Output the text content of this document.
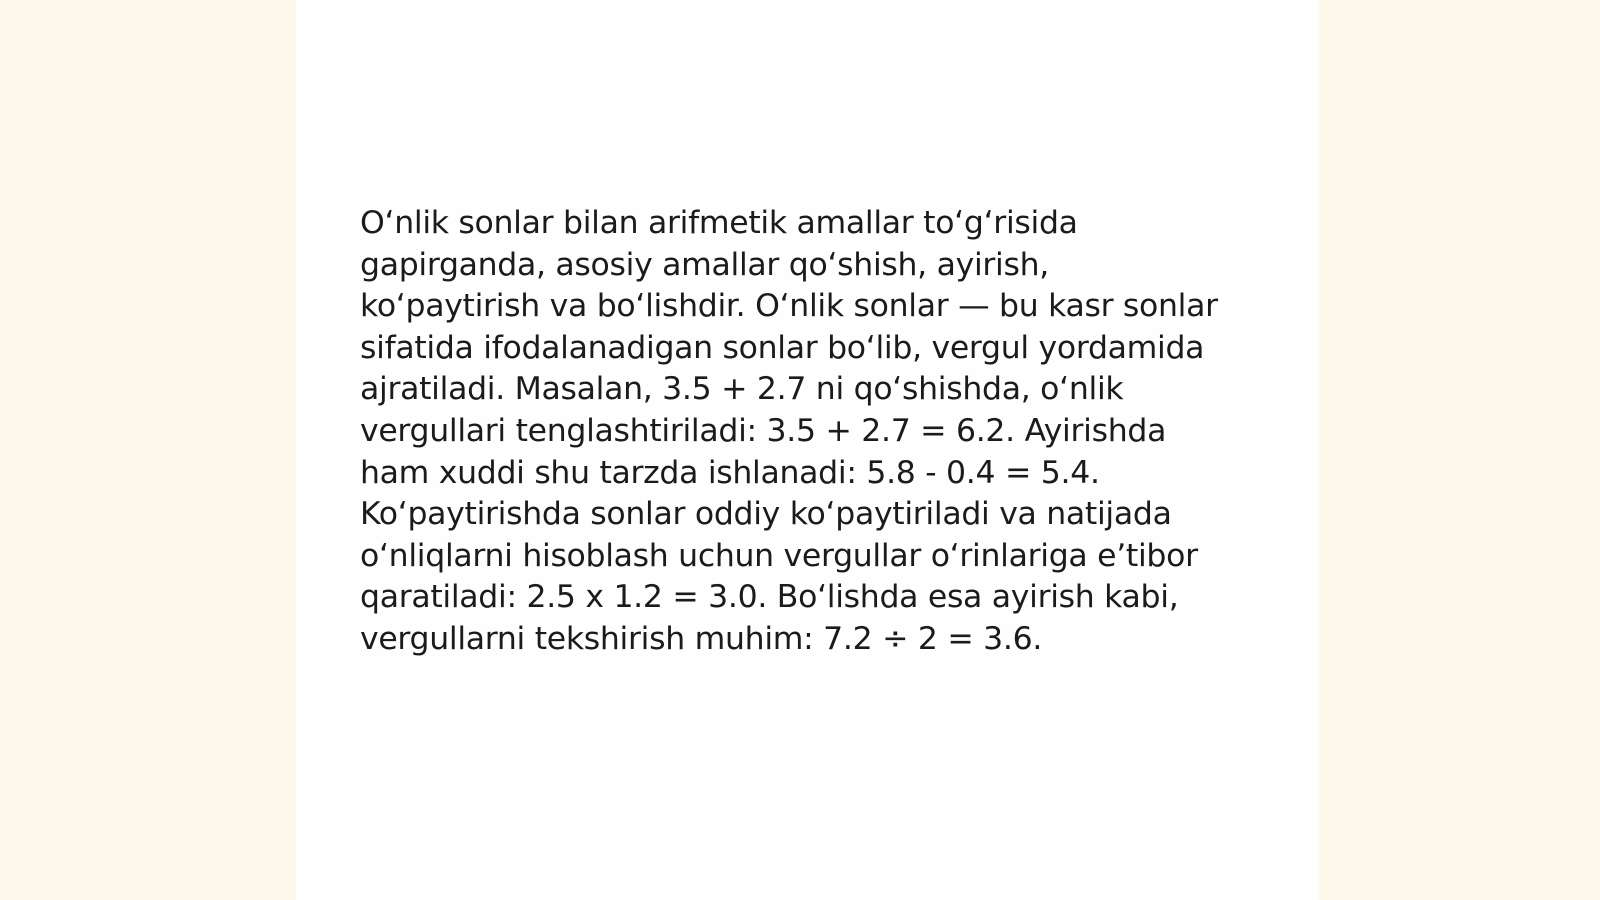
O‘nlik sonlar bilan arifmetik amallar to‘g‘risida gapirganda, asosiy amallar qo‘shish, ayirish, ko‘paytirish va bo‘lishdir. O‘nlik sonlar — bu kasr sonlar sifatida ifodalanadigan sonlar bo‘lib, vergul yordamida ajratiladi. Masalan, 3.5 + 2.7 ni qo‘shishda, o‘nlik vergullari tenglashtiriladi: 3.5 + 2.7 = 6.2. Ayirishda ham xuddi shu tarzda ishlanadi: 5.8 - 0.4 = 5.4. Ko‘paytirishda sonlar oddiy ko‘paytiriladi va natijada o‘nliqlarni hisoblash uchun vergullar o‘rinlariga e’tibor qaratiladi: 2.5 x 1.2 = 3.0. Bo‘lishda esa ayirish kabi, vergullarni tekshirish muhim: 7.2 ÷ 2 = 3.6.
